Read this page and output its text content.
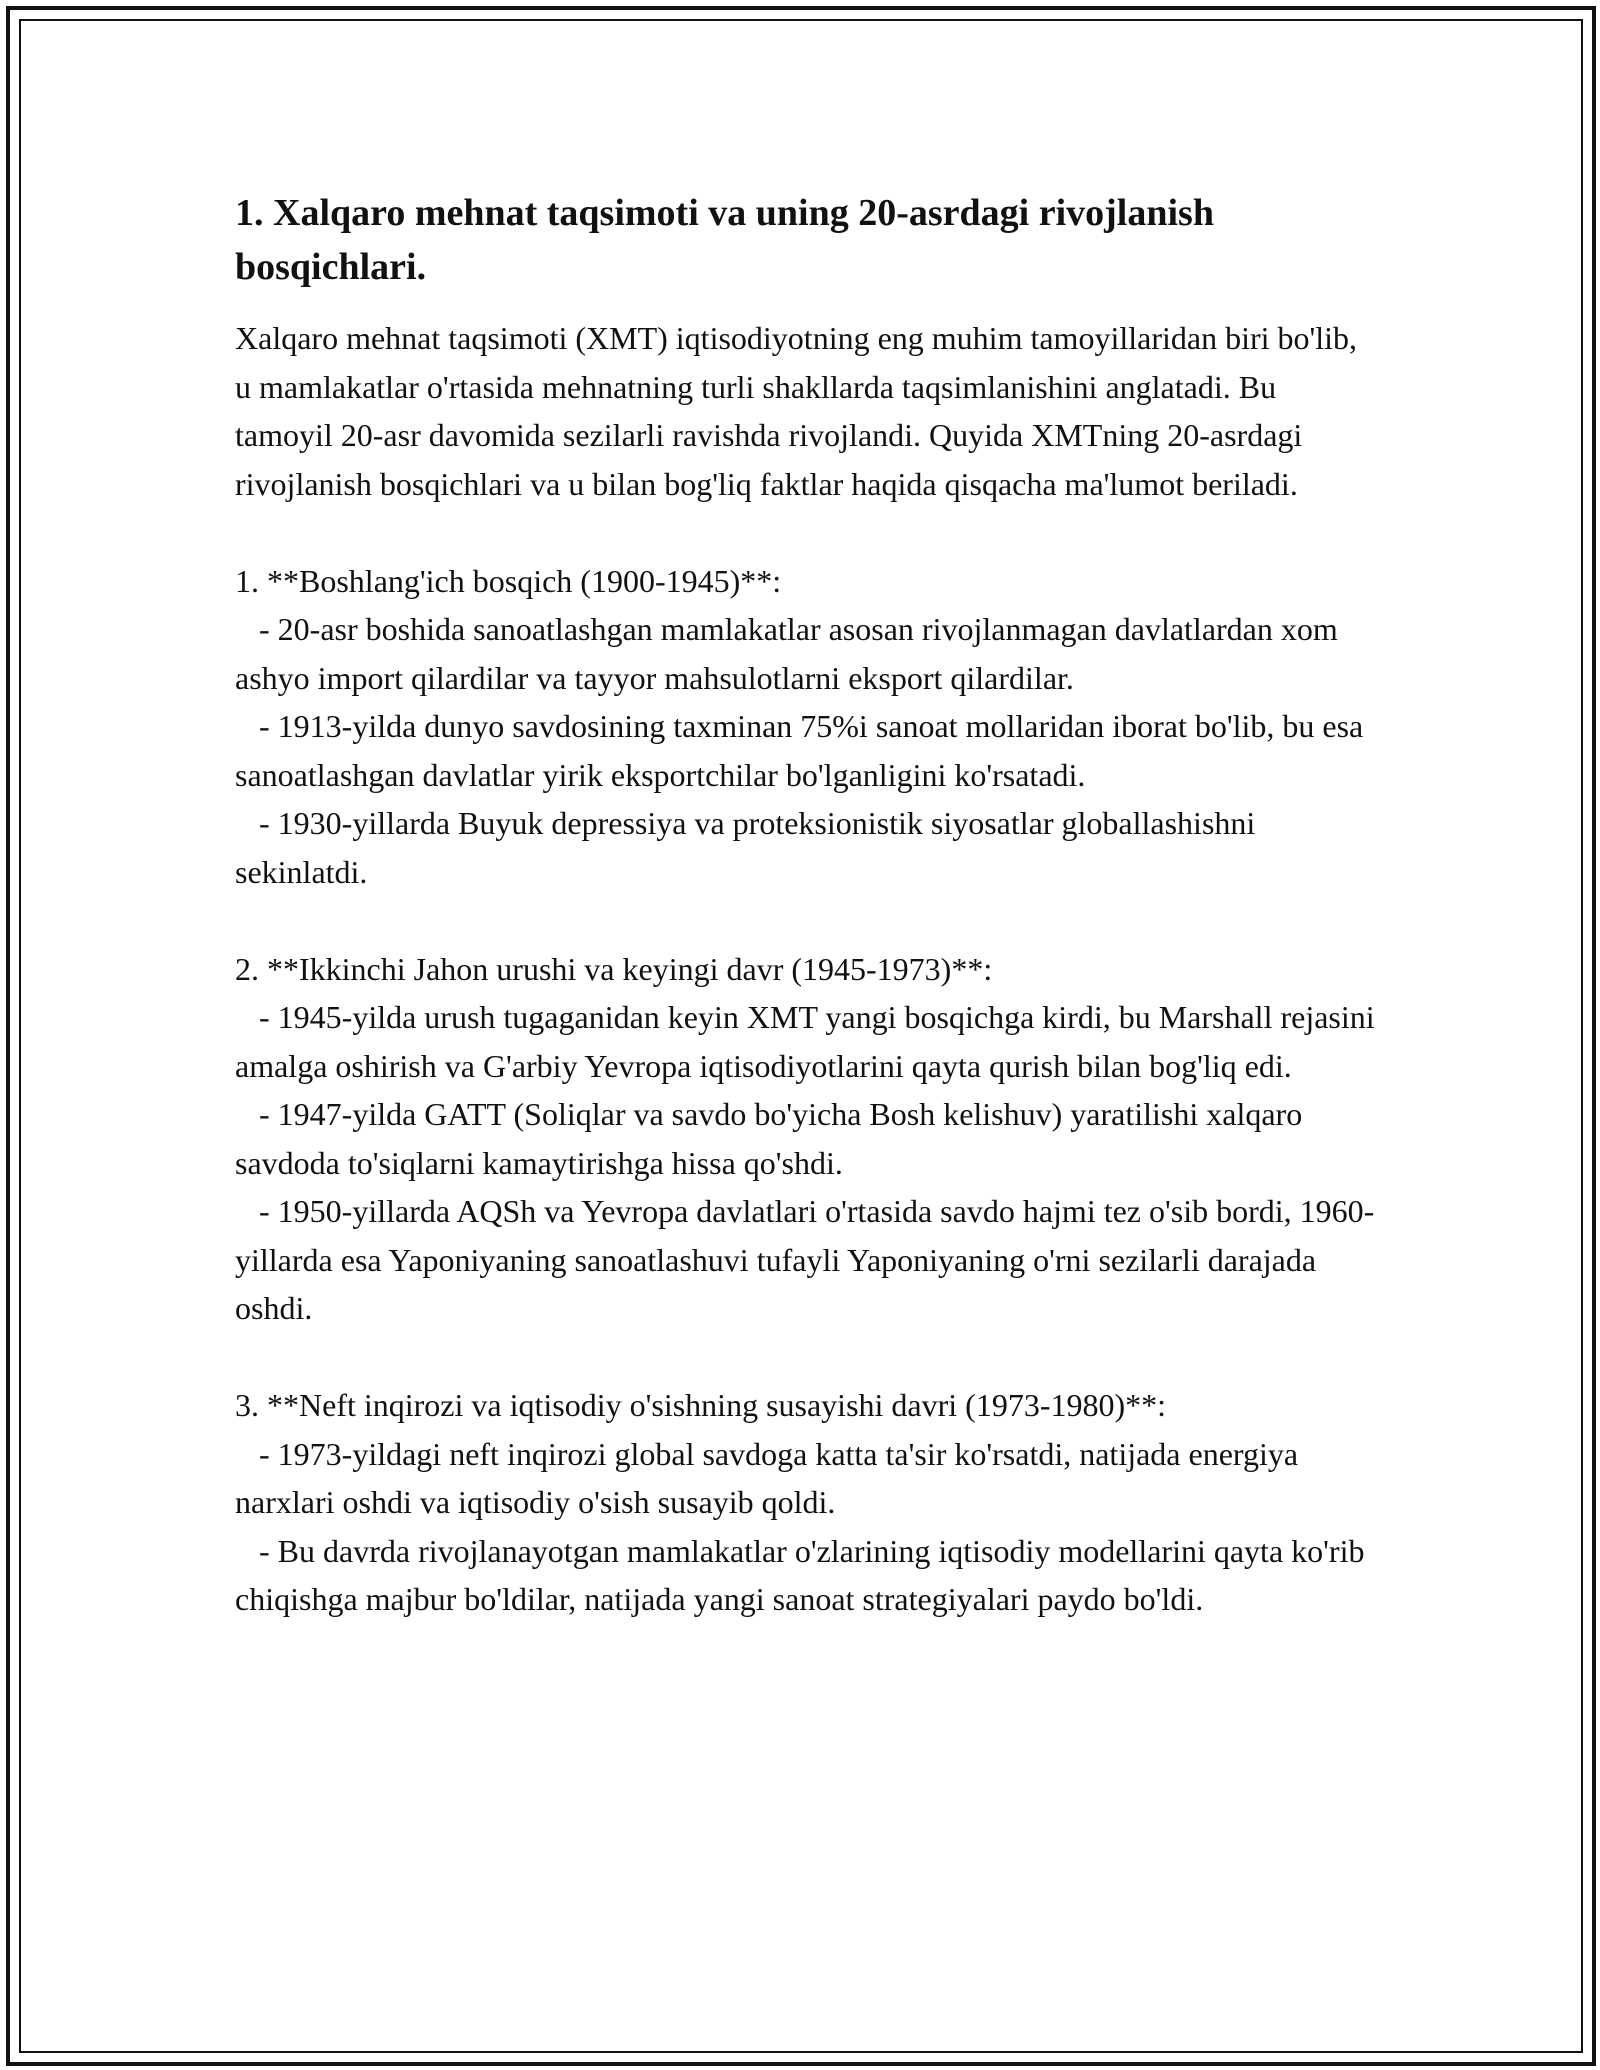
1. Xalqaro mehnat taqsimoti va uning 20-asrdagi rivojlanish bosqichlari.
Xalqaro mehnat taqsimoti (XMT) iqtisodiyotning eng muhim tamoyillaridan biri bo'lib, u mamlakatlar o'rtasida mehnatning turli shakllarda taqsimlanishini anglatadi. Bu tamoyil 20-asr davomida sezilarli ravishda rivojlandi. Quyida XMTning 20-asrdagi rivojlanish bosqichlari va u bilan bog'liq faktlar haqida qisqacha ma'lumot beriladi.

1. **Boshlang'ich bosqich (1900-1945)**:
- 20-asr boshida sanoatlashgan mamlakatlar asosan rivojlanmagan davlatlardan xom ashyo import qilardilar va tayyor mahsulotlarni eksport qilardilar.
- 1913-yilda dunyo savdosining taxminan 75%i sanoat mollaridan iborat bo'lib, bu esa sanoatlashgan davlatlar yirik eksportchilar bo'lganligini ko'rsatadi.
- 1930-yillarda Buyuk depressiya va proteksionistik siyosatlar globallashishni sekinlatdi.

2. **Ikkinchi Jahon urushi va keyingi davr (1945-1973)**:
- 1945-yilda urush tugaganidan keyin XMT yangi bosqichga kirdi, bu Marshall rejasini amalga oshirish va G'arbiy Yevropa iqtisodiyotlarini qayta qurish bilan bog'liq edi.
- 1947-yilda GATT (Soliqlar va savdo bo'yicha Bosh kelishuv) yaratilishi xalqaro savdoda to'siqlarni kamaytirishga hissa qo'shdi.
- 1950-yillarda AQSh va Yevropa davlatlari o'rtasida savdo hajmi tez o'sib bordi, 1960-yillarda esa Yaponiyaning sanoatlashuvi tufayli Yaponiyaning o'rni sezilarli darajada oshdi.

3. **Neft inqirozi va iqtisodiy o'sishning susayishi davri (1973-1980)**:
- 1973-yildagi neft inqirozi global savdoga katta ta'sir ko'rsatdi, natijada energiya narxlari oshdi va iqtisodiy o'sish susayib qoldi.
- Bu davrda rivojlanayotgan mamlakatlar o'zlarining iqtisodiy modellarini qayta ko'rib chiqishga majbur bo'ldilar, natijada yangi sanoat strategiyalari paydo bo'ldi.
